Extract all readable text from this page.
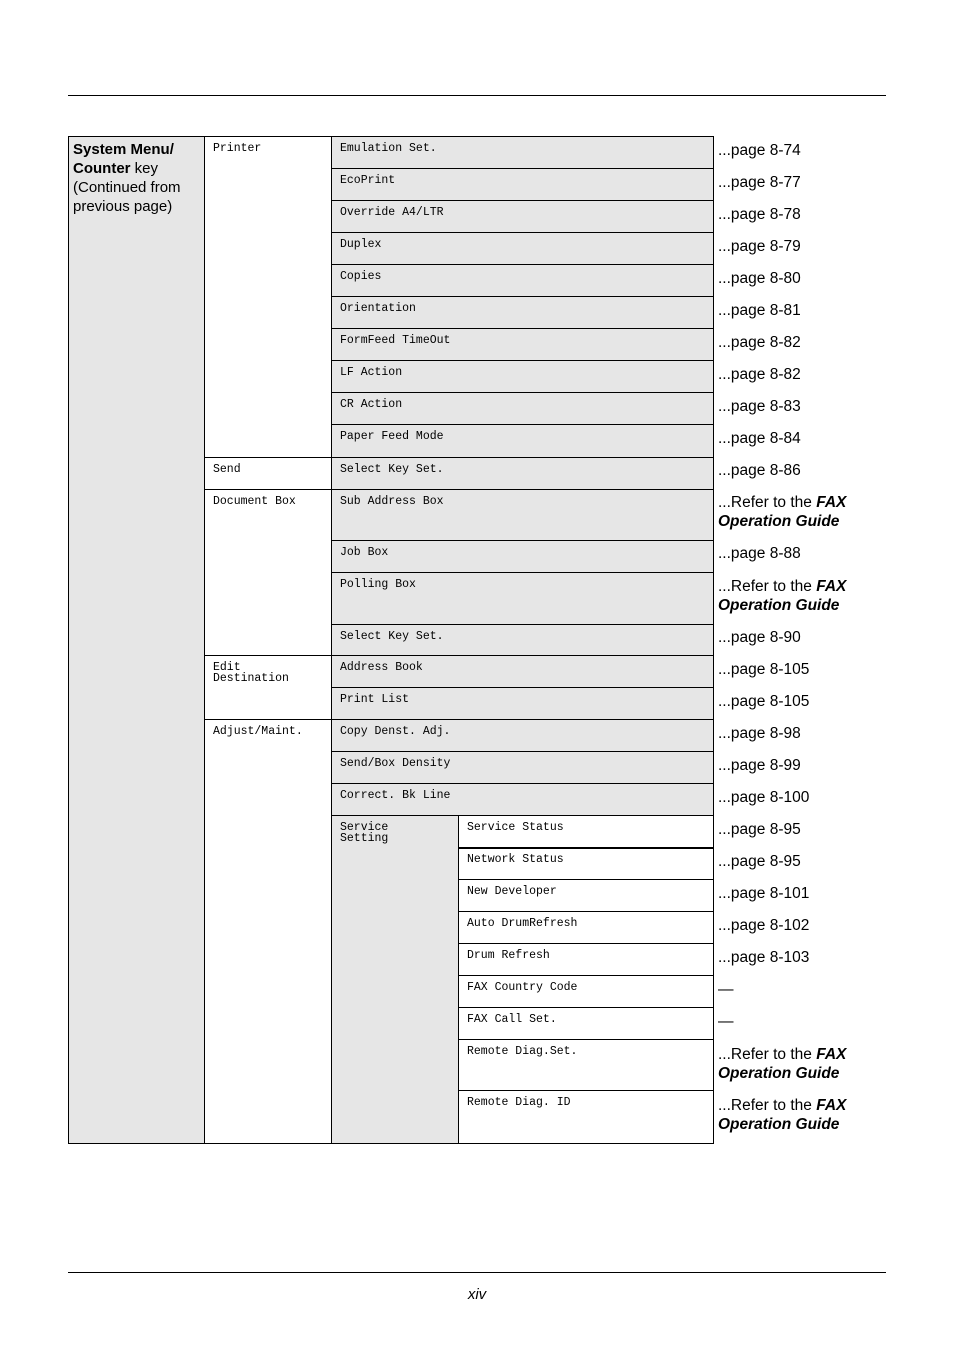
System Menu/
Counter key
(Continued from
previous page)
Printer
Send
Document Box
Edit
Destination
Adjust/Maint.
Emulation Set.
EcoPrint
Override A4/LTR
Duplex
Copies
Orientation
FormFeed TimeOut
LF Action
CR Action
Paper Feed Mode
Select Key Set.
Sub Address Box
Job Box
Polling Box
Select Key Set.
Address Book
Print List
Copy Denst. Adj.
Send/Box Density
Correct. Bk Line
Service
Setting
Service Status
Network Status
New Developer
Auto DrumRefresh
Drum Refresh
FAX Country Code
FAX Call Set.
Remote Diag.Set.
Remote Diag. ID
...page 8-74
...page 8-77
...page 8-78
...page 8-79
...page 8-80
...page 8-81
...page 8-82
...page 8-82
...page 8-83
...page 8-84
...page 8-86
...Refer to the FAX
Operation Guide
...page 8-88
...Refer to the FAX
Operation Guide
...page 8-90
...page 8-105
...page 8-105
...page 8-98
...page 8-99
...page 8-100
...page 8-95
...page 8-95
...page 8-101
...page 8-102
...page 8-103
—
—
...Refer to the FAX
Operation Guide
...Refer to the FAX
Operation Guide
xiv
